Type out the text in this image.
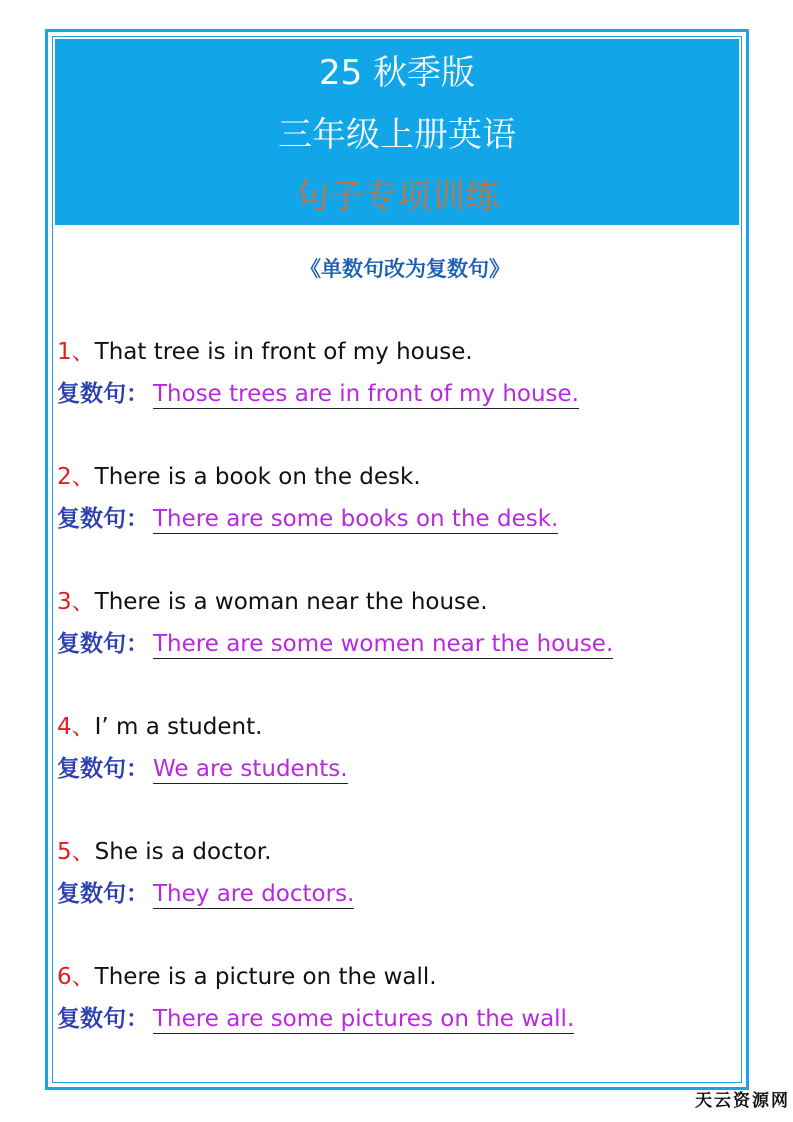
25 秋季版
三年级上册英语
句子专项训练
《单数句改为复数句》
1、That tree is in front of my house.
复数句： Those trees are in front of my house.
2、There is a book on the desk.
复数句： There are some books on the desk.
3、There is a woman near the house.
复数句： There are some women near the house.
4、I’ m a student.
复数句： We are students.
5、She is a doctor.
复数句： They are doctors.
6、There is a picture on the wall.
复数句： There are some pictures on the wall.
天云资源网
